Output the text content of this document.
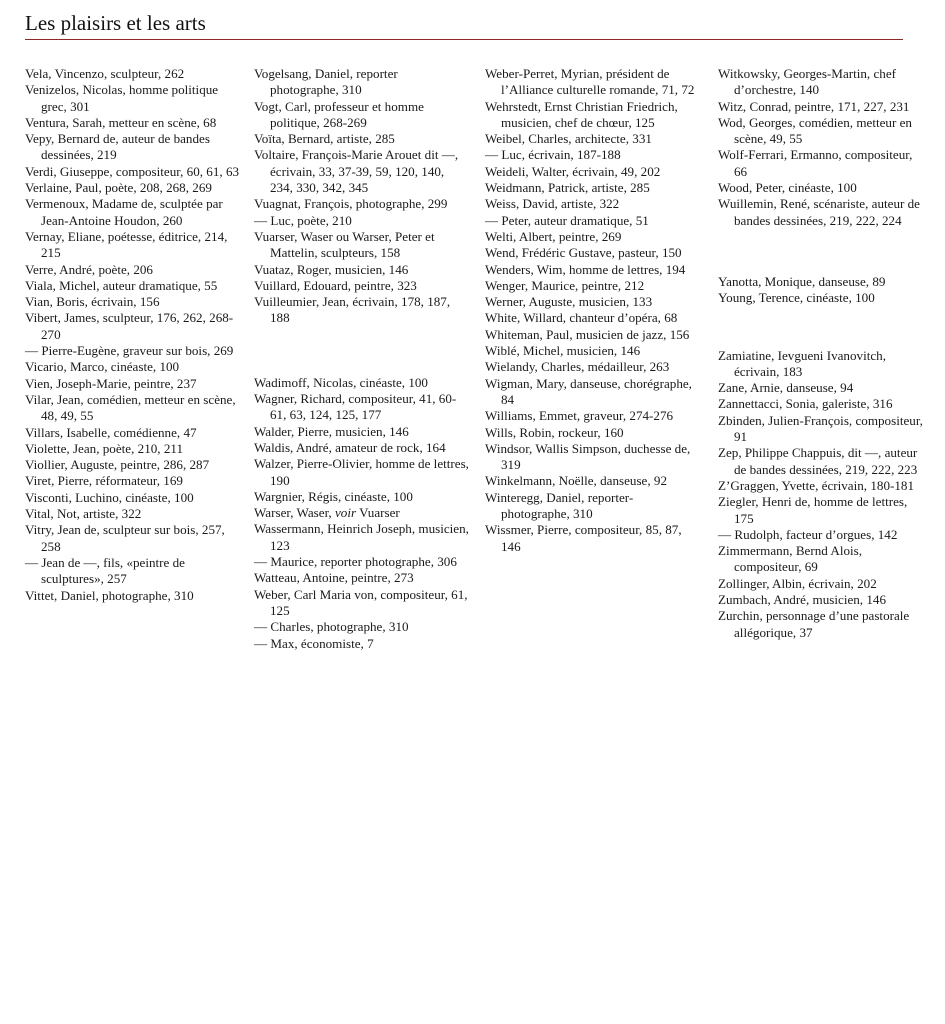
Les plaisirs et les arts
Vela, Vincenzo, sculpteur, 262
Venizelos, Nicolas, homme politique grec, 301
Ventura, Sarah, metteur en scène, 68
Vepy, Bernard de, auteur de bandes dessinées, 219
Verdi, Giuseppe, compositeur, 60, 61, 63
Verlaine, Paul, poète, 208, 268, 269
Vermenoux, Madame de, sculptée par Jean-Antoine Houdon, 260
Vernay, Eliane, poétesse, éditrice, 214, 215
Verre, André, poète, 206
Viala, Michel, auteur dramatique, 55
Vian, Boris, écrivain, 156
Vibert, James, sculpteur, 176, 262, 268-270
— Pierre-Eugène, graveur sur bois, 269
Vicario, Marco, cinéaste, 100
Vien, Joseph-Marie, peintre, 237
Vilar, Jean, comédien, metteur en scène, 48, 49, 55
Villars, Isabelle, comédienne, 47
Violette, Jean, poète, 210, 211
Viollier, Auguste, peintre, 286, 287
Viret, Pierre, réformateur, 169
Visconti, Luchino, cinéaste, 100
Vital, Not, artiste, 322
Vitry, Jean de, sculpteur sur bois, 257, 258
— Jean de —, fils, «peintre de sculptures», 257
Vittet, Daniel, photographe, 310
Vogelsang, Daniel, reporter photographe, 310
Vogt, Carl, professeur et homme politique, 268-269
Voïta, Bernard, artiste, 285
Voltaire, François-Marie Arouet dit —, écrivain, 33, 37-39, 59, 120, 140, 234, 330, 342, 345
Vuagnat, François, photographe, 299
— Luc, poète, 210
Vuarser, Waser ou Warser, Peter et Mattelin, sculpteurs, 158
Vuataz, Roger, musicien, 146
Vuillard, Edouard, peintre, 323
Vuilleumier, Jean, écrivain, 178, 187, 188
Wadimoff, Nicolas, cinéaste, 100
Wagner, Richard, compositeur, 41, 60-61, 63, 124, 125, 177
Walder, Pierre, musicien, 146
Waldis, André, amateur de rock, 164
Walzer, Pierre-Olivier, homme de lettres, 190
Wargnier, Régis, cinéaste, 100
Warser, Waser, voir Vuarser
Wassermann, Heinrich Joseph, musicien, 123
— Maurice, reporter photographe, 306
Watteau, Antoine, peintre, 273
Weber, Carl Maria von, compositeur, 61, 125
— Charles, photographe, 310
— Max, économiste, 7
Weber-Perret, Myrian, président de l’Alliance culturelle romande, 71, 72
Wehrstedt, Ernst Christian Friedrich, musicien, chef de chœur, 125
Weibel, Charles, architecte, 331
— Luc, écrivain, 187-188
Weideli, Walter, écrivain, 49, 202
Weidmann, Patrick, artiste, 285
Weiss, David, artiste, 322
— Peter, auteur dramatique, 51
Welti, Albert, peintre, 269
Wend, Frédéric Gustave, pasteur, 150
Wenders, Wim, homme de lettres, 194
Wenger, Maurice, peintre, 212
Werner, Auguste, musicien, 133
White, Willard, chanteur d’opéra, 68
Whiteman, Paul, musicien de jazz, 156
Wiblé, Michel, musicien, 146
Wielandy, Charles, médailleur, 263
Wigman, Mary, danseuse, chorégraphe, 84
Williams, Emmet, graveur, 274-276
Wills, Robin, rockeur, 160
Windsor, Wallis Simpson, duchesse de, 319
Winkelmann, Noëlle, danseuse, 92
Winteregg, Daniel, reporter-photographe, 310
Wissmer, Pierre, compositeur, 85, 87, 146
Witkowsky, Georges-Martin, chef d’orchestre, 140
Witz, Conrad, peintre, 171, 227, 231
Wod, Georges, comédien, metteur en scène, 49, 55
Wolf-Ferrari, Ermanno, compositeur, 66
Wood, Peter, cinéaste, 100
Wuillemin, René, scénariste, auteur de bandes dessinées, 219, 222, 224
Yanotta, Monique, danseuse, 89
Young, Terence, cinéaste, 100
Zamiatine, Ievgueni Ivanovitch, écrivain, 183
Zane, Arnie, danseuse, 94
Zannettacci, Sonia, galeriste, 316
Zbinden, Julien-François, compositeur, 91
Zep, Philippe Chappuis, dit —, auteur de bandes dessinées, 219, 222, 223
Z’Graggen, Yvette, écrivain, 180-181
Ziegler, Henri de, homme de lettres, 175
— Rudolph, facteur d’orgues, 142
Zimmermann, Bernd Alois, compositeur, 69
Zollinger, Albin, écrivain, 202
Zumbach, André, musicien, 146
Zurchin, personnage d’une pastorale allégorique, 37
